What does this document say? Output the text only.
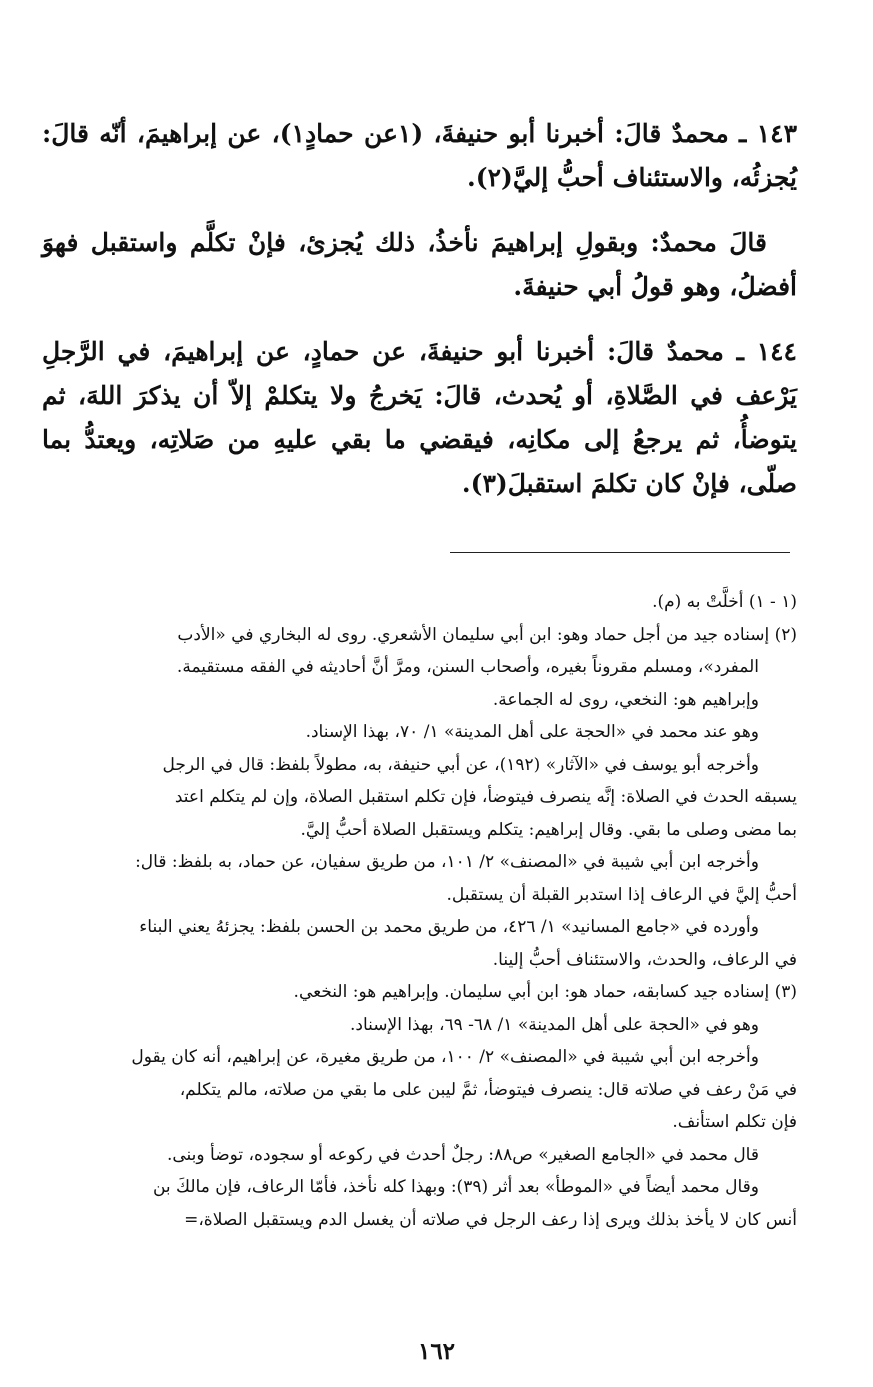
١٤٣ ـ محمدٌ قالَ: أخبرنا أبو حنيفةَ، (١عن حمادٍ١)، عن إبراهيمَ، أنّه قالَ: يُجزئُه، والاستئناف أحبُّ إليَّ(٢).

قالَ محمدٌ: وبقولِ إبراهيمَ نأخذُ، ذلك يُجزئ، فإنْ تكلَّم واستقبل فهوَ أفضلُ، وهو قولُ أبي حنيفةَ.

١٤٤ ـ محمدٌ قالَ: أخبرنا أبو حنيفةَ، عن حمادٍ، عن إبراهيمَ، في الرَّجلِ يَرْعف في الصَّلاةِ، أو يُحدث، قالَ: يَخرجُ ولا يتكلمْ إلاّ أن يذكرَ اللهَ، ثم يتوضأُ، ثم يرجعُ إلى مكانِه، فيقضي ما بقي عليهِ من صَلاتِه، ويعتدُّ بما صلّى، فإنْ كان تكلمَ استقبلَ(٣).

(١ - ١) أخلَّتْ به (م).

(٢) إسناده جيد من أجل حماد وهو: ابن أبي سليمان الأشعري. روى له البخاري في «الأدب

المفرد»، ومسلم مقروناً بغيره، وأصحاب السنن، ومرَّ أنَّ أحاديثه في الفقه مستقيمة.

وإبراهيم هو: النخعي، روى له الجماعة.

وهو عند محمد في «الحجة على أهل المدينة» ١/ ٧٠، بهذا الإسناد.

وأخرجه أبو يوسف في «الآثار» (١٩٢)، عن أبي حنيفة، به، مطولاً بلفظ: قال في الرجل

يسبقه الحدث في الصلاة: إنَّه ينصرف فيتوضأ، فإن تكلم استقبل الصلاة، وإن لم يتكلم اعتد

بما مضى وصلى ما بقي. وقال إبراهيم: يتكلم ويستقبل الصلاة أحبُّ إليَّ.

وأخرجه ابن أبي شيبة في «المصنف» ٢/ ١٠١، من طريق سفيان، عن حماد، به بلفظ: قال:

أحبُّ إليَّ في الرعاف إذا استدبر القبلة أن يستقبل.

وأورده في «جامع المسانيد» ١/ ٤٢٦، من طريق محمد بن الحسن بلفظ: يجزئهُ يعني البناء

في الرعاف، والحدث، والاستئناف أحبُّ إلينا.

(٣) إسناده جيد كسابقه، حماد هو: ابن أبي سليمان. وإبراهيم هو: النخعي.

وهو في «الحجة على أهل المدينة» ١/ ٦٨- ٦٩، بهذا الإسناد.

وأخرجه ابن أبي شيبة في «المصنف» ٢/ ١٠٠، من طريق مغيرة، عن إبراهيم، أنه كان يقول

في مَنْ رعف في صلاته قال: ينصرف فيتوضأ، ثمَّ ليبن على ما بقي من صلاته، مالم يتكلم،

فإن تكلم استأنف.

قال محمد في «الجامع الصغير» ص٨٨: رجلٌ أحدث في ركوعه أو سجوده، توضأ وبنى.

وقال محمد أيضاً في «الموطأ» بعد أثر (٣٩): وبهذا كله نأخذ، فأمّا الرعاف، فإن مالكَ بن

أنس كان لا يأخذ بذلك ويرى إذا رعف الرجل في صلاته أن يغسل الدم ويستقبل الصلاة،=

١٦٢
